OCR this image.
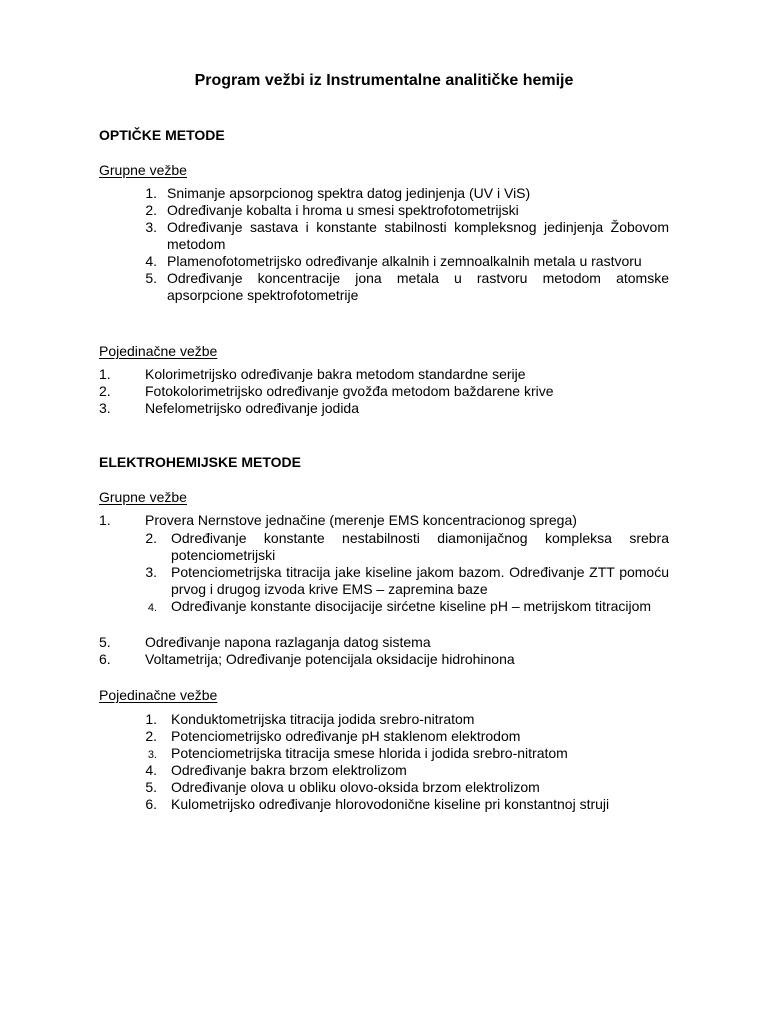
Program vežbi iz Instrumentalne analitičke hemije
OPTIČKE METODE
Grupne vežbe
1. Snimanje apsorpcionog spektra datog jedinjenja (UV i ViS)
2. Određivanje kobalta i hroma u smesi spektrofotometrijski
3. Određivanje sastava i konstante stabilnosti kompleksnog jedinjenja Žobovom metodom
4. Plamenofotometrijsko određivanje alkalnih i zemnoalkalnih metala u rastvoru
5. Određivanje koncentracije jona metala u rastvoru metodom atomske apsorpcione spektrofotometrije
Pojedinačne vežbe
1. Kolorimetrijsko određivanje bakra metodom standardne serije
2. Fotokolorimetrijsko određivanje gvožđa metodom baždarene krive
3. Nefelometrijsko određivanje jodida
ELEKTROHEMIJSKE METODE
Grupne vežbe
1. Provera Nernstove jednačine (merenje EMS koncentracionog sprega)
2. Određivanje konstante nestabilnosti diamonijačnog kompleksa srebra potenciometrijski
3. Potenciometrijska titracija jake kiseline jakom bazom. Određivanje ZTT pomoću prvog i drugog izvoda krive EMS – zapremina baze
4. Određivanje konstante disocijacije sirćetne kiseline pH – metrijskom titracijom
5. Određivanje napona razlaganja datog sistema
6. Voltametrija; Određivanje potencijala oksidacije hidrohinona
Pojedinačne vežbe
1. Konduktometrijska titracija jodida srebro-nitratom
2. Potenciometrijsko određivanje pH staklenom elektrodom
3. Potenciometrijska titracija smese hlorida i jodida srebro-nitratom
4. Određivanje bakra brzom elektrolizom
5. Određivanje olova u obliku olovo-oksida brzom elektrolizom
6. Kulometrijsko određivanje hlorovodonične kiseline pri konstantnoj struji
